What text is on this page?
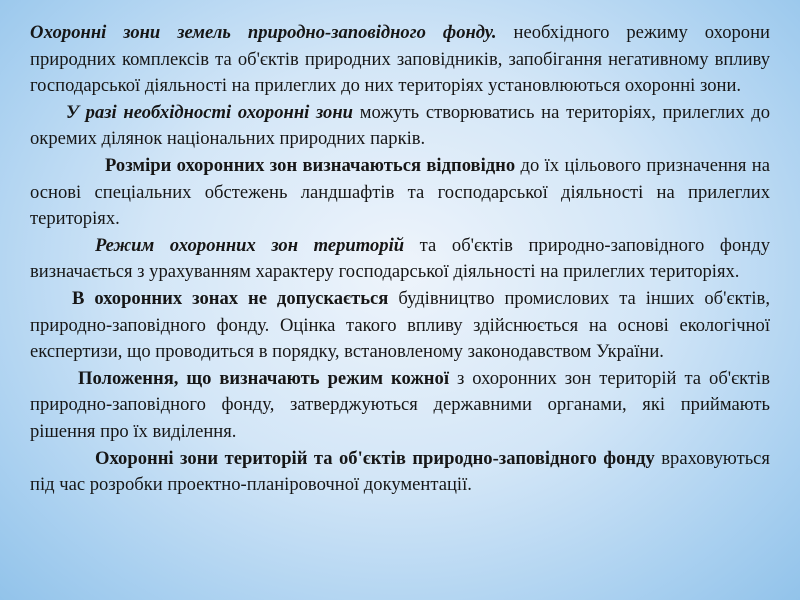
Охоронні зони земель природно-заповідного фонду. необхідного режиму охорони природних комплексів та об'єктів природних заповідників, запобігання негативному впливу господарської діяльності на прилеглих до них територіях установлюються охоронні зони.

У разі необхідності охоронні зони можуть створюватись на територіях, прилеглих до окремих ділянок національних природних парків.

Розміри охоронних зон визначаються відповідно до їх цільового призначення на основі спеціальних обстежень ландшафтів та господарської діяльності на прилеглих територіях.

Режим охоронних зон територій та об'єктів природно-заповідного фонду визначається з урахуванням характеру господарської діяльності на прилеглих територіях.

В охоронних зонах не допускається будівництво промислових та інших об'єктів, природно-заповідного фонду. Оцінка такого впливу здійснюється на основі екологічної експертизи, що проводиться в порядку, встановленому законодавством України.

Положення, що визначають режим кожної з охоронних зон територій та об'єктів природно-заповідного фонду, затверджуються державними органами, які приймають рішення про їх виділення.

Охоронні зони територій та об'єктів природно-заповідного фонду враховуються під час розробки проектно-планіровочної документації.
